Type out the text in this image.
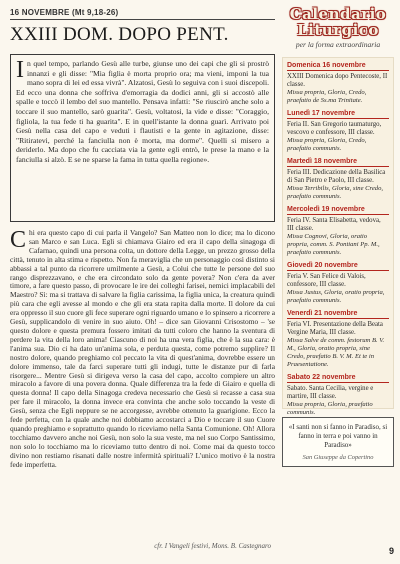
16 NOVEMBRE (Mt 9,18-26)
XXIII DOM. DOPO PENT.

In quel tempo, parlando Gesù alle turbe, giunse uno dei capi che gli si prostrò innanzi e gli disse: "Mia figlia è morta proprio ora; ma vieni, imponi la tua mano sopra di lei ed essa vivrà". Alzatosi, Gesù lo seguiva con i suoi discepoli. Ed ecco una donna che soffriva d'emorragia da dodici anni, gli si accostò alle spalle e toccò il lembo del suo mantello. Pensava infatti: "Se riuscirò anche solo a toccare il suo mantello, sarò guarita". Gesù, voltatosi, la vide e disse: "Coraggio, figliola, la tua fede ti ha guarita". E in quell'istante la donna guarì. Arrivato poi Gesù nella casa del capo e veduti i flautisti e la gente in agitazione, disse: "Ritiratevi, perché la fanciulla non è morta, ma dorme". Quelli si misero a deriderlo. Ma dopo che fu cacciata via la gente egli entrò, le prese la mano e la fanciulla si alzò. E se ne sparse la fama in tutta quella regione».

Chi era questo capo di cui parla il Vangelo? San Matteo non lo dice; ma lo dicono san Marco e san Luca. Egli si chiamava Giairo ed era il capo della sinagoga di Cafarnao, quindi una persona colta, un dottore della Legge, un prezzo grosso della città, tenuto in alta stima e rispetto. Non fa meraviglia che un personaggio così distinto si abbassi a tal punto da ricorrere umilmente a Gesù, a Colui che tutte le persone del suo rango disprezzavano, e che era circondato solo da gente povera? Non c'era da aver timore, a fare questo passo, di provocare le ire dei colleghi farisei, nemici implacabili del Maestro? Sì: ma si trattava di salvare la figlia carissima, la figlia unica, la creatura quindi più cara che egli avesse al mondo e che gli era stata rapita dalla morte. Il dolore da cui era oppresso il suo cuore gli fece superare ogni riguardo umano e lo spinsero a ricorrere a Gesù, supplicandolo di venire in suo aiuto. Oh! – dice san Giovanni Crisostomo – 'se questo dolore e questa premura fossero imitati da tutti coloro che hanno la sventura di perdere la vita della loro anima! Ciascuno di noi ha una vera figlia, che è la sua cara: è l'anima sua. Dio ci ha dato un'anima sola, e perduta questa, come potremo supplire? Il nostro dolore, quando preghiamo col peccato la vita di quest'anima, dovrebbe essere un dolore immenso, tale da farci superare tutti gli indugi, tutte le distanze pur di farla risorgere... Mentre Gesù si dirigeva verso la casa del capo, accolto compiere un altro miracolo a favore di una povera donna. Quale differenza tra la fede di Giairo e quella di questa donna! Il capo della Sinagoga credeva necessario che Gesù si recasse a casa sua per fare il miracolo, la donna invece era convinta che anche solo toccando la veste di Gesù, senza che Egli neppure se ne accorgesse, avrebbe ottenuto la guarigione. Ecco la fede perfetta, con la quale anche noi dobbiamo accostarci a Dio e toccare il suo Cuore quando preghiamo e soprattutto quando lo riceviamo nella Santa Comunione. Oh! Allora tocchiamo davvero anche noi Gesù, non solo la sua veste, ma nel suo Corpo Santissimo, non solo lo tocchiamo ma lo riceviamo tutto dentro di noi. Come mai da questo tocco divino non restiamo risanati dalle nostre infermità spirituali? L'unico motivo è la nostra fede imperfetta.

cfr. I Vangeli festivi, Mons. B. Castegnaro
Calendario
Liturgico
per la forma extraordinaria
Domenica 16 novembre
XXIII Domenica dopo Pentecoste, II classe.
Missa propria, Gloria, Credo, praefatio de Ss.ma Trinitate.
Lunedì 17 novembre
Feria II. San Gregorio taumaturgo, vescovo e confessore, III classe.
Missa propria, Gloria, Credo, praefatio communis.
Martedì 18 novembre
Feria III. Dedicazione della Basilica di San Pietro e Paolo, III classe.
Missa Terribilis, Gloria, sine Credo, praefatio communis.
Mercoledì 19 novembre
Feria IV. Santa Elisabetta, vedova, III classe.
Missa Cognovi, Gloria, oratio propria, comm. S. Pontiani Pp. M., praefatio communis.
Giovedì 20 novembre
Feria V. San Felice di Valois, confessore, III classe.
Missa Justus, Gloria, oratio propria, praefatio communis.
Venerdì 21 novembre
Feria VI. Presentazione della Beata Vergine Maria, III classe.
Missa Salve de comm. festorum B. V. M., Gloria, oratio propria, sine Credo, praefatio B. V. M. Et te in Praesentatione.
Sabato 22 novembre
Sabato. Santa Cecilia, vergine e martire, III classe.
Missa propria, Gloria, praefatio communis.
«I santi non si fanno in Paradiso, si fanno in terra e poi vanno in Paradiso»
San Giuseppe da Copertino
9
